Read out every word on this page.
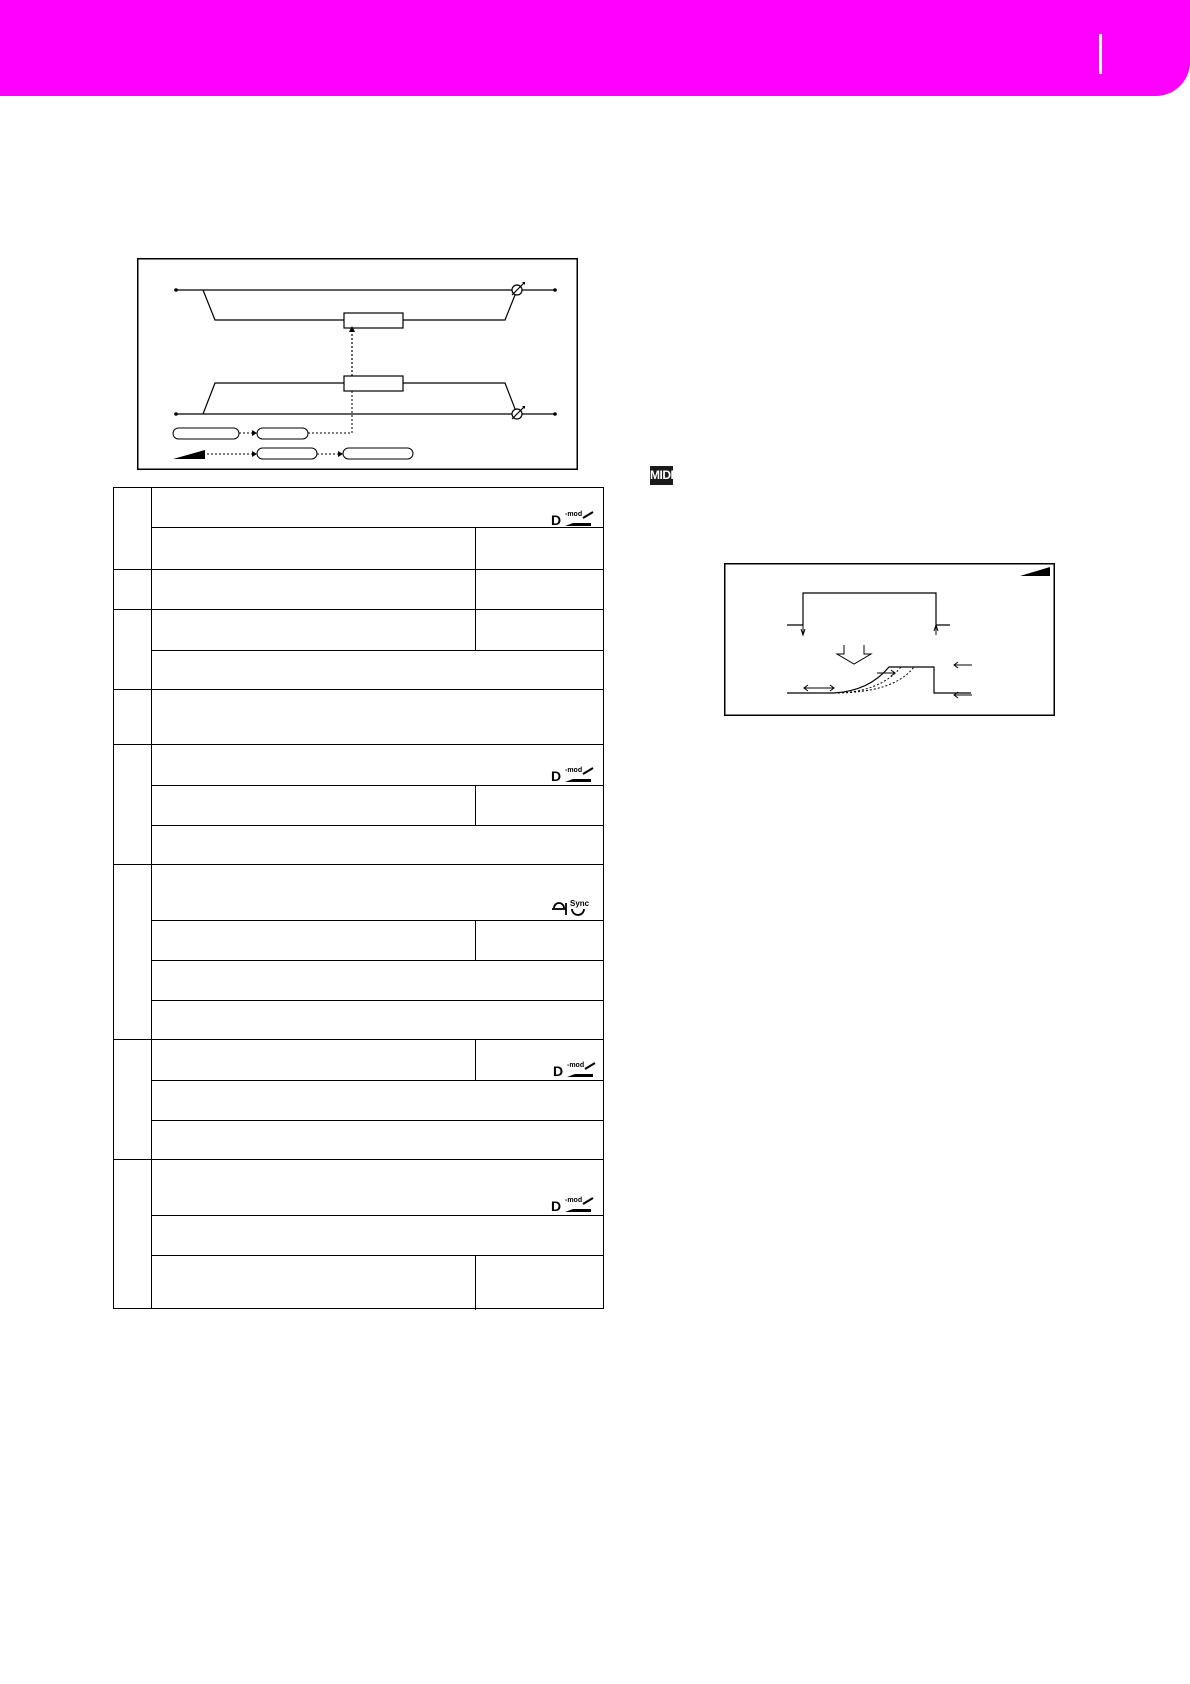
D -mod
D -mod
Sync
D -mod
D -mod
MIDI
